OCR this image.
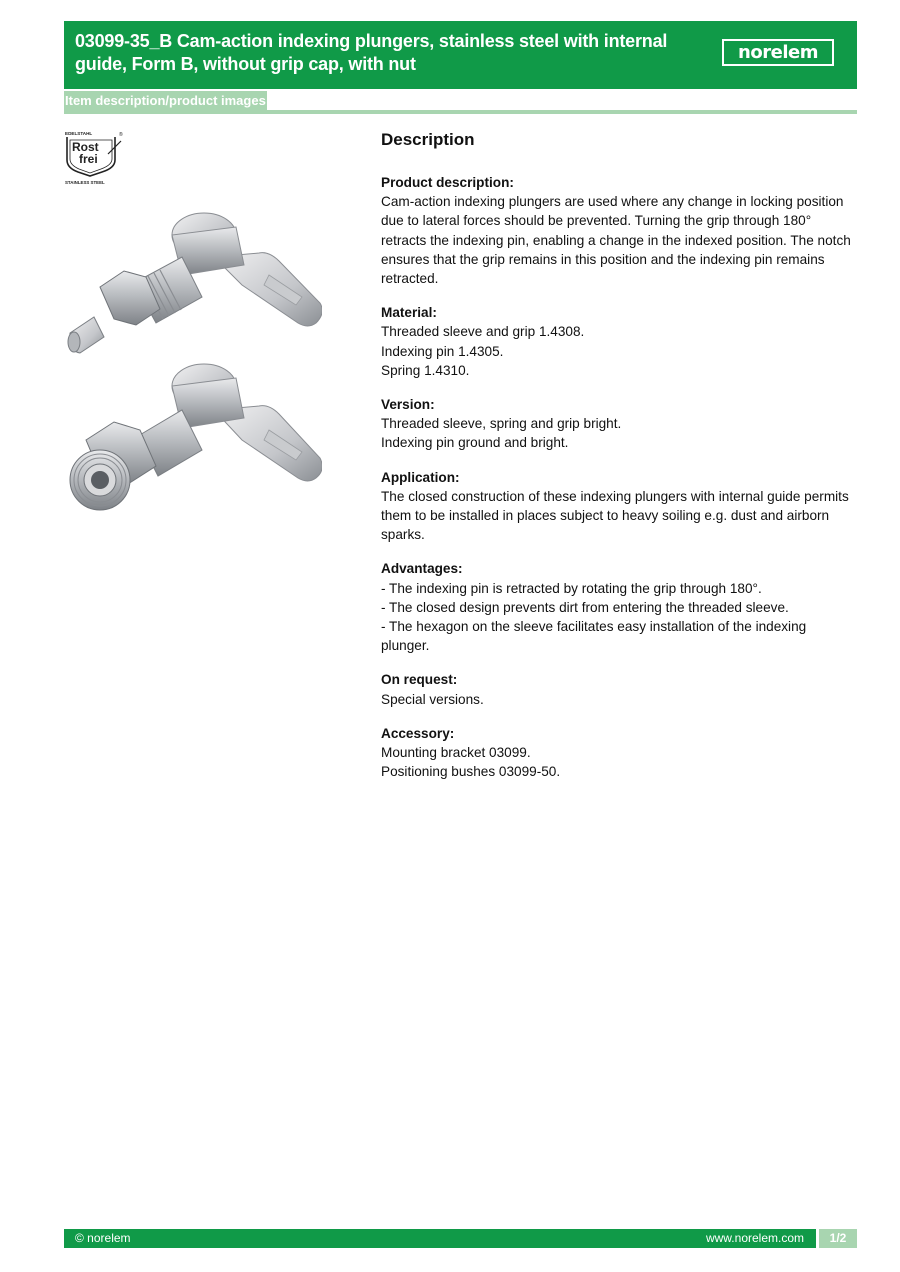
03099-35_B Cam-action indexing plungers, stainless steel with internal guide, Form B, without grip cap, with nut
norelem
Item description/product images
EDELSTAHL	®
Rost
frei
STAINLESS STEEL
Description
Product description:
Cam-action indexing plungers are used where any change in locking position due to lateral forces should be prevented. Turning the grip through 180° retracts the indexing pin, enabling a change in the indexed position. The notch ensures that the grip remains in this position and the indexing pin remains retracted.
Material:
Threaded sleeve and grip 1.4308.
Indexing pin 1.4305.
Spring 1.4310.
Version:
Threaded sleeve, spring and grip bright.
Indexing pin ground and bright.
Application:
The closed construction of these indexing plungers with internal guide permits them to be installed in places subject to heavy soiling e.g. dust and airborn sparks.
Advantages:
- The indexing pin is retracted by rotating the grip through 180°.
- The closed design prevents dirt from entering the threaded sleeve.
- The hexagon on the sleeve facilitates easy installation of the indexing plunger.
On request:
Special versions.
Accessory:
Mounting bracket 03099.
Positioning bushes 03099-50.
© norelem	www.norelem.com	1/2
